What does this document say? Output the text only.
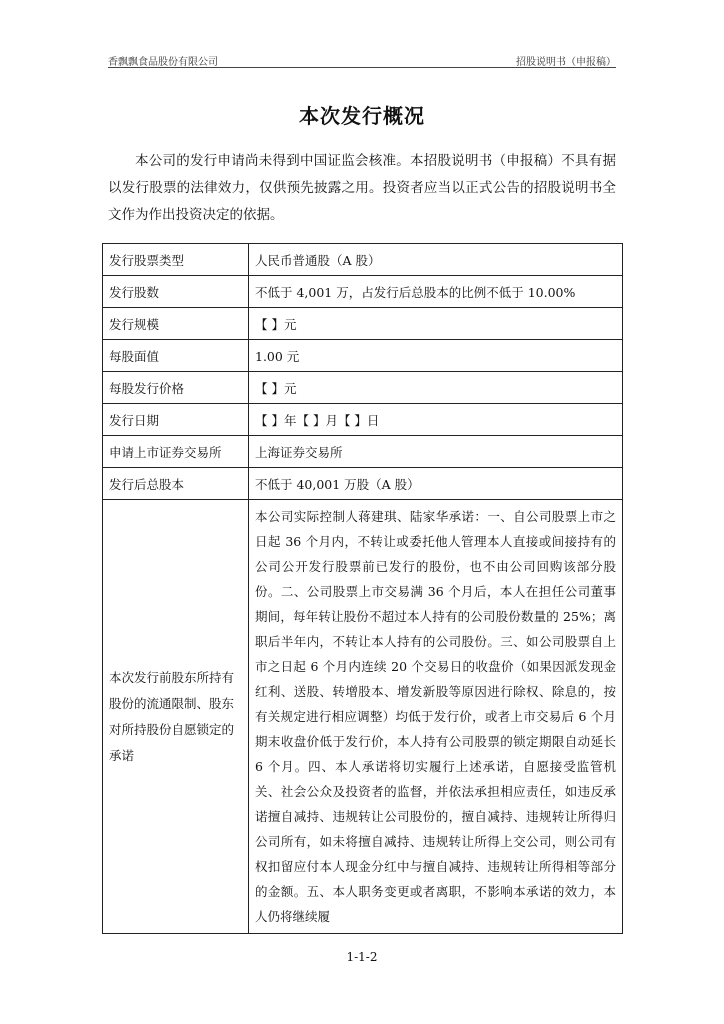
香飘飘食品股份有限公司	招股说明书（申报稿）
本次发行概况

本公司的发行申请尚未得到中国证监会核准。本招股说明书（申报稿）不具有据以发行股票的法律效力，仅供预先披露之用。投资者应当以正式公告的招股说明书全文作为作出投资决定的依据。

发行股票类型	人民币普通股（A 股）
发行股数	不低于 4,001 万，占发行后总股本的比例不低于 10.00%
发行规模	【 】元
每股面值	1.00 元
每股发行价格	【 】元
发行日期	【 】年【 】月【 】日
申请上市证券交易所	上海证券交易所
发行后总股本	不低于 40,001 万股（A 股）
本次发行前股东所持有股份的流通限制、股东对所持股份自愿锁定的承诺	本公司实际控制人蒋建琪、陆家华承诺：一、自公司股票上市之日起 36 个月内，不转让或委托他人管理本人直接或间接持有的公司公开发行股票前已发行的股份，也不由公司回购该部分股份。二、公司股票上市交易满 36 个月后，本人在担任公司董事期间，每年转让股份不超过本人持有的公司股份数量的 25%；离职后半年内，不转让本人持有的公司股份。三、如公司股票自上市之日起 6 个月内连续 20 个交易日的收盘价（如果因派发现金红利、送股、转增股本、增发新股等原因进行除权、除息的，按有关规定进行相应调整）均低于发行价，或者上市交易后 6 个月期末收盘价低于发行价，本人持有公司股票的锁定期限自动延长 6 个月。四、本人承诺将切实履行上述承诺，自愿接受监管机关、社会公众及投资者的监督，并依法承担相应责任，如违反承诺擅自减持、违规转让公司股份的，擅自减持、违规转让所得归公司所有，如未将擅自减持、违规转让所得上交公司，则公司有权扣留应付本人现金分红中与擅自减持、违规转让所得相等部分的金额。五、本人职务变更或者离职，不影响本承诺的效力，本人仍将继续履
1-1-2
